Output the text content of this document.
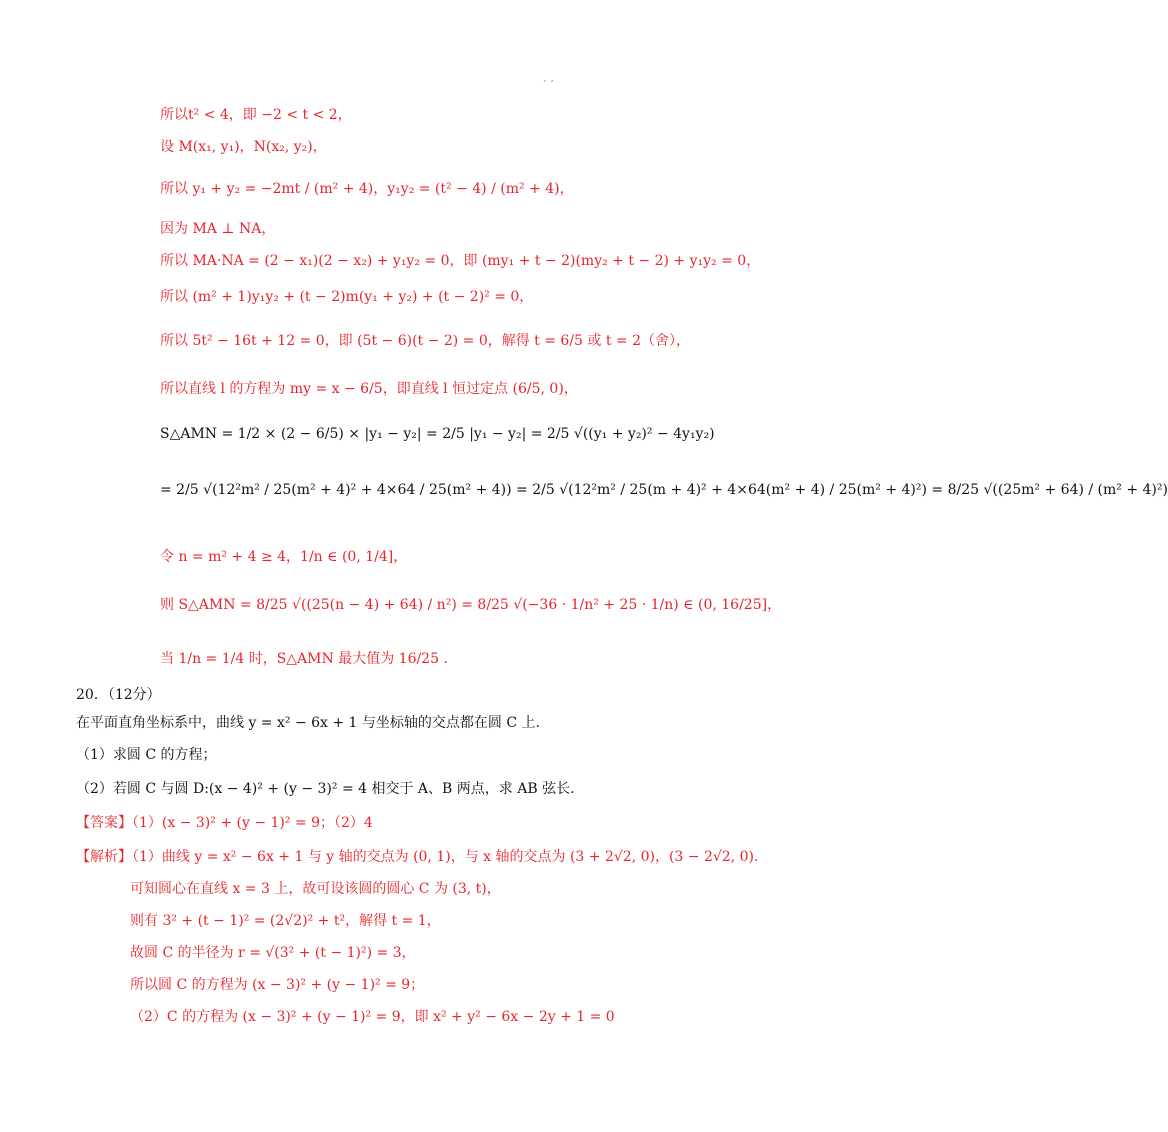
ˊ ˊ
所以t² < 4，即 −2 < t < 2，
设 M(x₁, y₁)，N(x₂, y₂)，
所以 y₁ + y₂ = −2mt / (m² + 4)，y₁y₂ = (t² − 4) / (m² + 4)，
因为 MA ⊥ NA，
所以 MA·NA = (2 − x₁)(2 − x₂) + y₁y₂ = 0，即 (my₁ + t − 2)(my₂ + t − 2) + y₁y₂ = 0，
所以 (m² + 1)y₁y₂ + (t − 2)m(y₁ + y₂) + (t − 2)² = 0，
所以 5t² − 16t + 12 = 0，即 (5t − 6)(t − 2) = 0，解得 t = 6/5 或 t = 2（舍），
所以直线 l 的方程为 my = x − 6/5，即直线 l 恒过定点 (6/5, 0)，
S△AMN = 1/2 × (2 − 6/5) × |y₁ − y₂| = 2/5 |y₁ − y₂| = 2/5 √((y₁ + y₂)² − 4y₁y₂)
= 2/5 √(12²m² / 25(m² + 4)² + 4×64 / 25(m² + 4)) = 2/5 √(12²m² / 25(m + 4)² + 4×64(m² + 4) / 25(m² + 4)²) = 8/25 √((25m² + 64) / (m² + 4)²)
令 n = m² + 4 ≥ 4，1/n ∈ (0, 1/4]，
则 S△AMN = 8/25 √((25(n − 4) + 64) / n²) = 8/25 √(−36 · 1/n² + 25 · 1/n) ∈ (0, 16/25]，
当 1/n = 1/4 时，S△AMN 最大值为 16/25 .
20．（12分）
在平面直角坐标系中，曲线 y = x² − 6x + 1 与坐标轴的交点都在圆 C 上.
（1）求圆 C 的方程；
（2）若圆 C 与圆 D:(x − 4)² + (y − 3)² = 4 相交于 A、B 两点，求 AB 弦长.
【答案】（1）(x − 3)² + (y − 1)² = 9；（2）4
【解析】（1）曲线 y = x² − 6x + 1 与 y 轴的交点为 (0, 1)，与 x 轴的交点为 (3 + 2√2, 0)，(3 − 2√2, 0).
可知圆心在直线 x = 3 上，故可设该圆的圆心 C 为 (3, t)，
则有 3² + (t − 1)² = (2√2)² + t²，解得 t = 1，
故圆 C 的半径为 r = √(3² + (t − 1)²) = 3，
所以圆 C 的方程为 (x − 3)² + (y − 1)² = 9；
（2）C 的方程为 (x − 3)² + (y − 1)² = 9，即 x² + y² − 6x − 2y + 1 = 0
